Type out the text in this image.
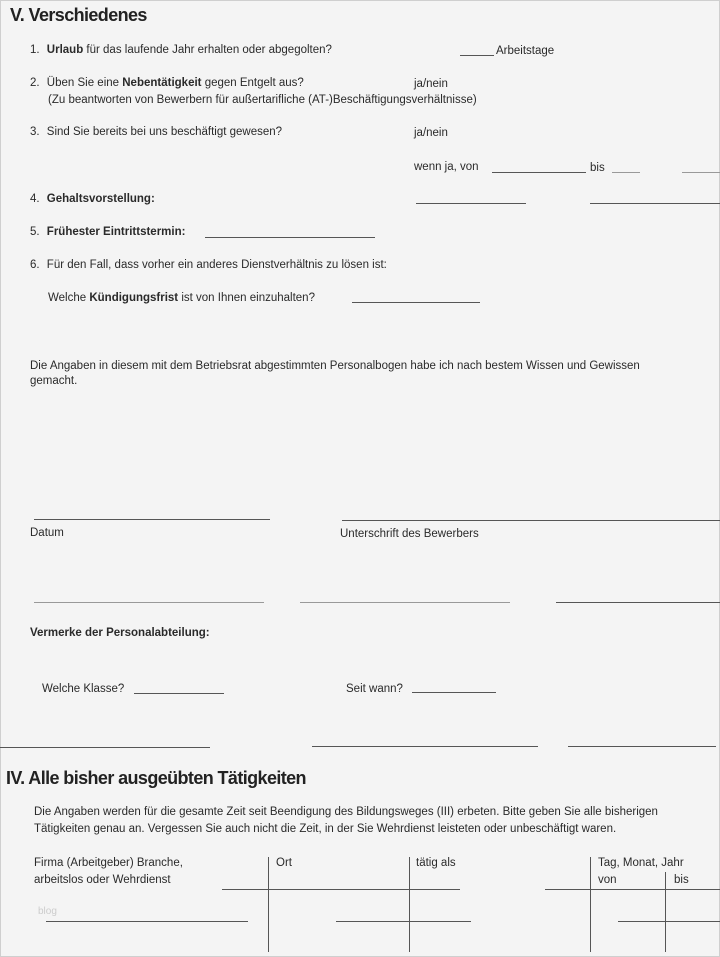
V. Verschiedenes
1. Urlaub für das laufende Jahr erhalten oder abgegolten?	Arbeitstage
2. Üben Sie eine Nebentätigkeit gegen Entgelt aus?	ja/nein
(Zu beantworten von Bewerbern für außertarifliche (AT-)Beschäftigungsverhältnisse)
3. Sind Sie bereits bei uns beschäftigt gewesen?	ja/nein
wenn ja, von	bis
4. Gehaltsvorstellung:
5. Frühester Eintrittstermin:
6. Für den Fall, dass vorher ein anderes Dienstverhältnis zu lösen ist:
Welche Kündigungsfrist ist von Ihnen einzuhalten?
Die Angaben in diesem mit dem Betriebsrat abgestimmten Personalbogen habe ich nach bestem Wissen und Gewissen
gemacht.
Datum	Unterschrift des Bewerbers
Vermerke der Personalabteilung:
Welche Klasse?	Seit wann?
IV. Alle bisher ausgeübten Tätigkeiten
Die Angaben werden für die gesamte Zeit seit Beendigung des Bildungsweges (III) erbeten. Bitte geben Sie alle bisherigen
Tätigkeiten genau an. Vergessen Sie auch nicht die Zeit, in der Sie Wehrdienst leisteten oder unbeschäftigt waren.
Firma (Arbeitgeber) Branche,
arbeitslos oder Wehrdienst
Ort	tätig als	Tag, Monat, Jahr
von	bis
blog
